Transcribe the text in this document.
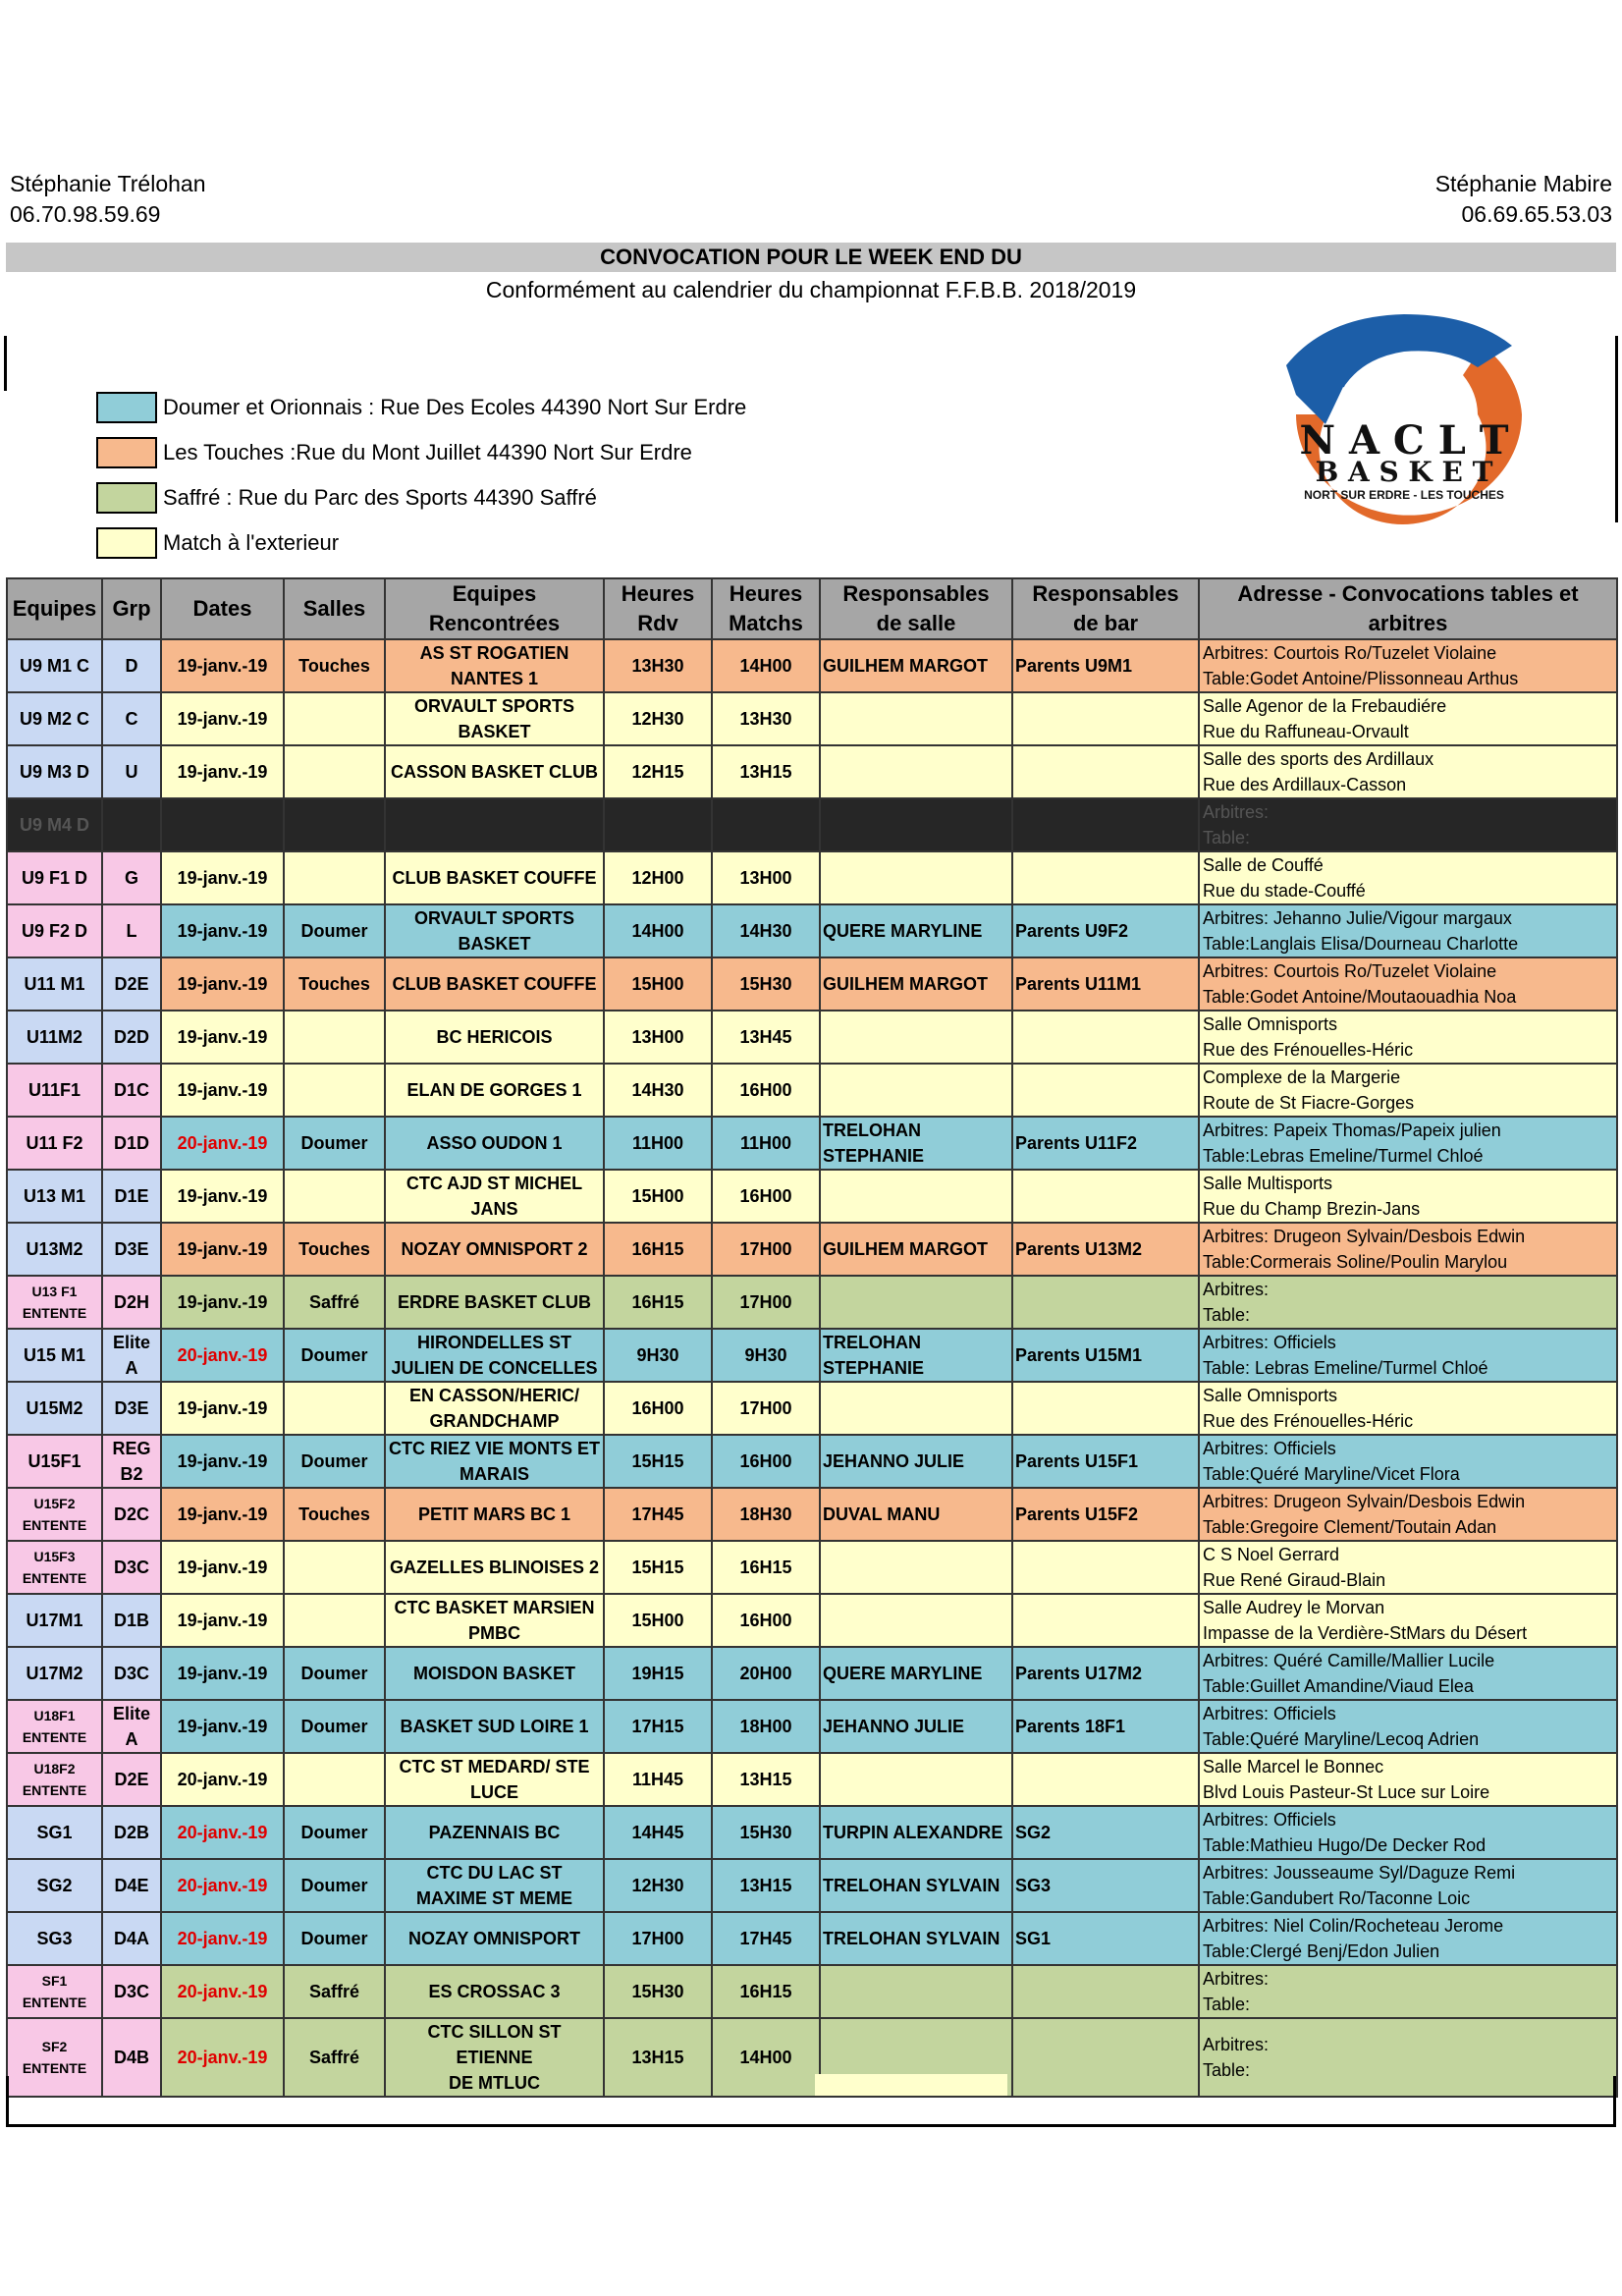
Stéphanie Trélohan
06.70.98.59.69
Stéphanie Mabire
06.69.65.53.03
CONVOCATION POUR LE WEEK END DU
Conformément au calendrier du championnat F.F.B.B. 2018/2019
Doumer et Orionnais : Rue Des Ecoles 44390 Nort Sur Erdre
Les Touches :Rue du Mont Juillet 44390 Nort Sur Erdre
Saffré : Rue du Parc des Sports 44390 Saffré
Match à l'exterieur
N A C L T
B A S K E T
NORT SUR ERDRE - LES TOUCHES
Equipes	Grp	Dates	Salles	Equipes
Rencontrées	Heures
Rdv	Heures
Matchs	Responsables
de salle	Responsables
de bar	Adresse - Convocations tables et
arbitres
U9 M1 C	D	19-janv.-19	Touches	AS ST ROGATIEN
NANTES 1	13H30	14H00	GUILHEM MARGOT	Parents U9M1	Arbitres: Courtois Ro/Tuzelet Violaine
Table:Godet Antoine/Plissonneau Arthus
U9 M2 C	C	19-janv.-19		ORVAULT SPORTS
BASKET	12H30	13H30			Salle Agenor de la Frebaudiére
Rue du Raffuneau-Orvault
U9 M3 D	U	19-janv.-19		CASSON BASKET CLUB	12H15	13H15			Salle des sports des Ardillaux
Rue des Ardillaux-Casson
U9 M4 D									Arbitres:
Table:
U9 F1 D	G	19-janv.-19		CLUB BASKET COUFFE	12H00	13H00			Salle de Couffé
Rue du stade-Couffé
U9 F2 D	L	19-janv.-19	Doumer	ORVAULT SPORTS
BASKET	14H00	14H30	QUERE MARYLINE	Parents U9F2	Arbitres: Jehanno Julie/Vigour margaux
Table:Langlais Elisa/Dourneau Charlotte
U11 M1	D2E	19-janv.-19	Touches	CLUB BASKET COUFFE	15H00	15H30	GUILHEM MARGOT	Parents U11M1	Arbitres: Courtois Ro/Tuzelet Violaine
Table:Godet Antoine/Moutaouadhia Noa
U11M2	D2D	19-janv.-19		BC HERICOIS	13H00	13H45			Salle Omnisports
Rue des Frénouelles-Héric
U11F1	D1C	19-janv.-19		ELAN DE GORGES 1	14H30	16H00			Complexe de la Margerie
Route de St Fiacre-Gorges
U11 F2	D1D	20-janv.-19	Doumer	ASSO OUDON 1	11H00	11H00	TRELOHAN
STEPHANIE	Parents U11F2	Arbitres: Papeix Thomas/Papeix julien
Table:Lebras Emeline/Turmel Chloé
U13 M1	D1E	19-janv.-19		CTC AJD ST MICHEL
JANS	15H00	16H00			Salle Multisports
Rue du Champ Brezin-Jans
U13M2	D3E	19-janv.-19	Touches	NOZAY OMNISPORT 2	16H15	17H00	GUILHEM MARGOT	Parents U13M2	Arbitres: Drugeon Sylvain/Desbois Edwin
Table:Cormerais Soline/Poulin Marylou
U13 F1
ENTENTE	D2H	19-janv.-19	Saffré	ERDRE BASKET CLUB	16H15	17H00			Arbitres:
Table:
U15 M1	Elite
A	20-janv.-19	Doumer	HIRONDELLES ST
JULIEN DE CONCELLES	9H30	9H30	TRELOHAN
STEPHANIE	Parents U15M1	Arbitres: Officiels
Table: Lebras Emeline/Turmel Chloé
U15M2	D3E	19-janv.-19		EN CASSON/HERIC/
GRANDCHAMP	16H00	17H00			Salle Omnisports
Rue des Frénouelles-Héric
U15F1	REG
B2	19-janv.-19	Doumer	CTC RIEZ VIE MONTS ET
MARAIS	15H15	16H00	JEHANNO JULIE	Parents U15F1	Arbitres: Officiels
Table:Quéré Maryline/Vicet Flora
U15F2
ENTENTE	D2C	19-janv.-19	Touches	PETIT MARS BC 1	17H45	18H30	DUVAL MANU	Parents U15F2	Arbitres: Drugeon Sylvain/Desbois Edwin
Table:Gregoire Clement/Toutain Adan
U15F3
ENTENTE	D3C	19-janv.-19		GAZELLES BLINOISES 2	15H15	16H15			C S Noel Gerrard
Rue René Giraud-Blain
U17M1	D1B	19-janv.-19		CTC BASKET MARSIEN
PMBC	15H00	16H00			Salle Audrey le Morvan
Impasse de la Verdière-StMars du Désert
U17M2	D3C	19-janv.-19	Doumer	MOISDON BASKET	19H15	20H00	QUERE MARYLINE	Parents U17M2	Arbitres: Quéré Camille/Mallier Lucile
Table:Guillet Amandine/Viaud Elea
U18F1
ENTENTE	Elite
A	19-janv.-19	Doumer	BASKET SUD LOIRE 1	17H15	18H00	JEHANNO JULIE	Parents 18F1	Arbitres: Officiels
Table:Quéré Maryline/Lecoq Adrien
U18F2
ENTENTE	D2E	20-janv.-19		CTC ST MEDARD/ STE
LUCE	11H45	13H15			Salle Marcel le Bonnec
Blvd Louis Pasteur-St Luce sur Loire
SG1	D2B	20-janv.-19	Doumer	PAZENNAIS BC	14H45	15H30	TURPIN ALEXANDRE	SG2	Arbitres: Officiels
Table:Mathieu Hugo/De Decker Rod
SG2	D4E	20-janv.-19	Doumer	CTC DU LAC ST
MAXIME ST MEME	12H30	13H15	TRELOHAN SYLVAIN	SG3	Arbitres: Jousseaume Syl/Daguze Remi
Table:Gandubert Ro/Taconne Loic
SG3	D4A	20-janv.-19	Doumer	NOZAY OMNISPORT	17H00	17H45	TRELOHAN SYLVAIN	SG1	Arbitres: Niel Colin/Rocheteau Jerome
Table:Clergé Benj/Edon Julien
SF1
ENTENTE	D3C	20-janv.-19	Saffré	ES CROSSAC 3	15H30	16H15			Arbitres:
Table:
SF2
ENTENTE	D4B	20-janv.-19	Saffré	CTC SILLON ST ETIENNE
DE MTLUC	13H15	14H00			Arbitres:
Table:
